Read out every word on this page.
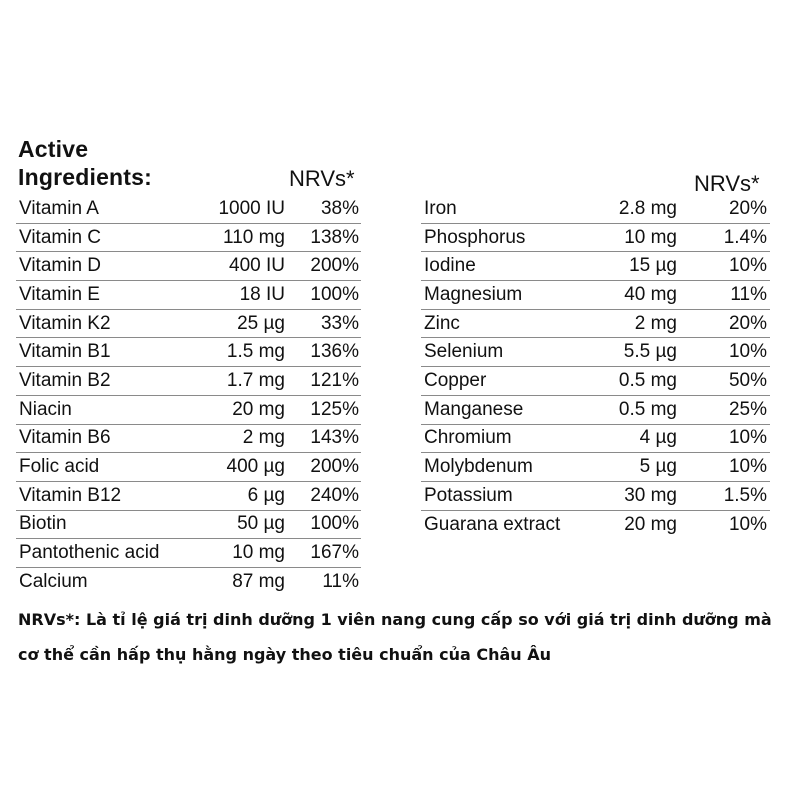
Active
Ingredients:	NRVs*	NRVs*
Vitamin A	1000 IU	38%
Vitamin C	110 mg	138%
Vitamin D	400 IU	200%
Vitamin E	18 IU	100%
Vitamin K2	25 µg	33%
Vitamin B1	1.5 mg	136%
Vitamin B2	1.7 mg	121%
Niacin	20 mg	125%
Vitamin B6	2 mg	143%
Folic acid	400 µg	200%
Vitamin B12	6 µg	240%
Biotin	50 µg	100%
Pantothenic acid	10 mg	167%
Calcium	87 mg	11%
Iron	2.8 mg	20%
Phosphorus	10 mg	1.4%
Iodine	15 µg	10%
Magnesium	40 mg	11%
Zinc	2 mg	20%
Selenium	5.5 µg	10%
Copper	0.5 mg	50%
Manganese	0.5 mg	25%
Chromium	4 µg	10%
Molybdenum	5 µg	10%
Potassium	30 mg	1.5%
Guarana extract	20 mg	10%
NRVs*: Là tỉ lệ giá trị dinh dưỡng 1 viên nang cung cấp so với giá trị dinh dưỡng mà cơ thể cần hấp thụ hằng ngày theo tiêu chuẩn của Châu Âu
